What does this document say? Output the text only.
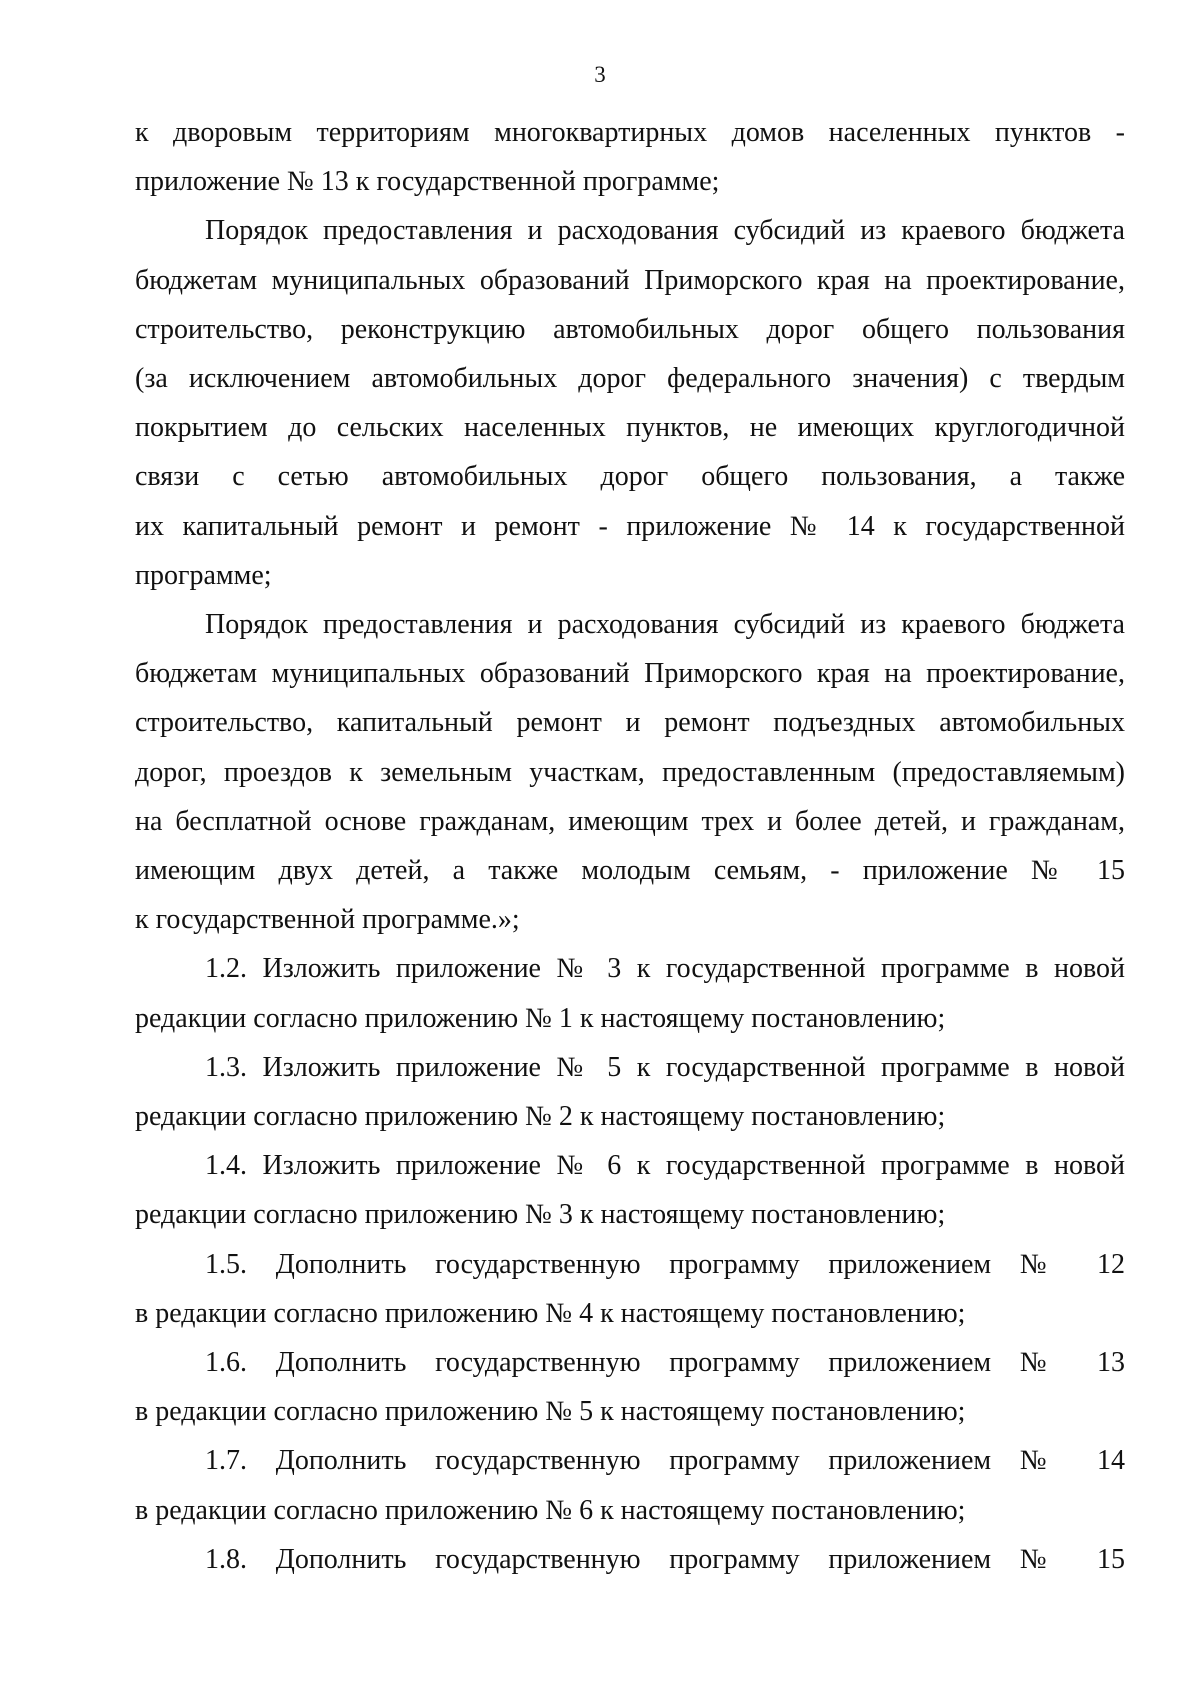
3

к дворовым территориям многоквартирных домов населенных пунктов -
приложение № 13 к государственной программе;

Порядок предоставления и расходования субсидий из краевого бюджета
бюджетам муниципальных образований Приморского края на проектирование,
строительство, реконструкцию автомобильных дорог общего пользования
(за исключением автомобильных дорог федерального значения) с твердым
покрытием до сельских населенных пунктов, не имеющих круглогодичной
связи с сетью автомобильных дорог общего пользования, а также
их капитальный ремонт и ремонт - приложение № 14 к государственной
программе;

Порядок предоставления и расходования субсидий из краевого бюджета
бюджетам муниципальных образований Приморского края на проектирование,
строительство, капитальный ремонт и ремонт подъездных автомобильных
дорог, проездов к земельным участкам, предоставленным (предоставляемым)
на бесплатной основе гражданам, имеющим трех и более детей, и гражданам,
имеющим двух детей, а также молодым семьям, - приложение № 15
к государственной программе.»;

1.2. Изложить приложение № 3 к государственной программе в новой
редакции согласно приложению № 1 к настоящему постановлению;

1.3. Изложить приложение № 5 к государственной программе в новой
редакции согласно приложению № 2 к настоящему постановлению;

1.4. Изложить приложение № 6 к государственной программе в новой
редакции согласно приложению № 3 к настоящему постановлению;

1.5. Дополнить государственную программу приложением № 12
в редакции согласно приложению № 4 к настоящему постановлению;

1.6. Дополнить государственную программу приложением № 13
в редакции согласно приложению № 5 к настоящему постановлению;

1.7. Дополнить государственную программу приложением № 14
в редакции согласно приложению № 6 к настоящему постановлению;

1.8. Дополнить государственную программу приложением № 15
